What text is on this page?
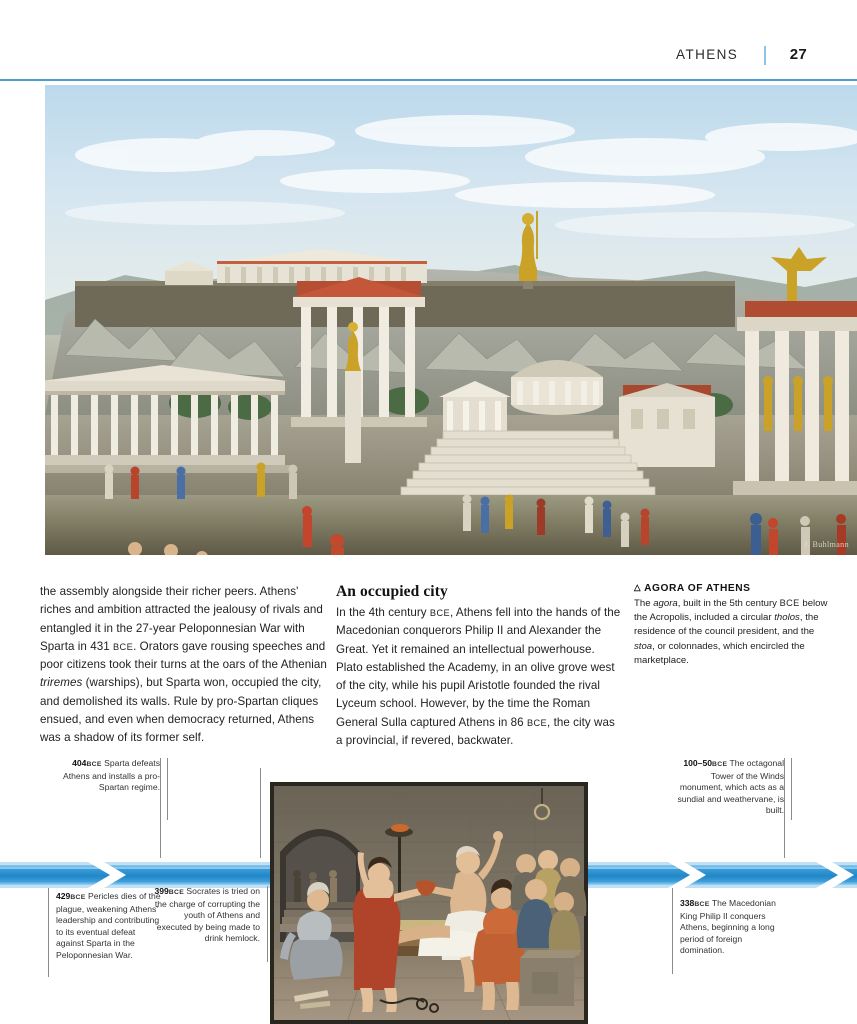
ATHENS	27
J. Buhlmann

the assembly alongside their richer peers. Athens' riches and ambition attracted the jealousy of rivals and entangled it in the 27-year Peloponnesian War with Sparta in 431 BCE. Orators gave rousing speeches and poor citizens took their turns at the oars of the Athenian triremes (warships), but Sparta won, occupied the city, and demolished its walls. Rule by pro-Spartan cliques ensued, and even when democracy returned, Athens was a shadow of its former self.

An occupied city

In the 4th century BCE, Athens fell into the hands of the Macedonian conquerors Philip II and Alexander the Great. Yet it remained an intellectual powerhouse. Plato established the Academy, in an olive grove west of the city, while his pupil Aristotle founded the rival Lyceum school. However, by the time the Roman General Sulla captured Athens in 86 BCE, the city was a provincial, if revered, backwater.

△ AGORA OF ATHENS

The agora, built in the 5th century BCE below the Acropolis, included a circular tholos, the residence of the council president, and the stoa, or colonnades, which encircled the marketplace.

404BCE Sparta defeats Athens and installs a pro-Spartan regime.
100–50BCE The octagonal Tower of the Winds monument, which acts as a sundial and weathervane, is built.
429BCE Pericles dies of the plague, weakening Athens' leadership and contributing to its eventual defeat against Sparta in the Peloponnesian War.
399BCE Socrates is tried on the charge of corrupting the youth of Athens and executed by being made to drink hemlock.
338BCE The Macedonian King Philip II conquers Athens, beginning a long period of foreign domination.
